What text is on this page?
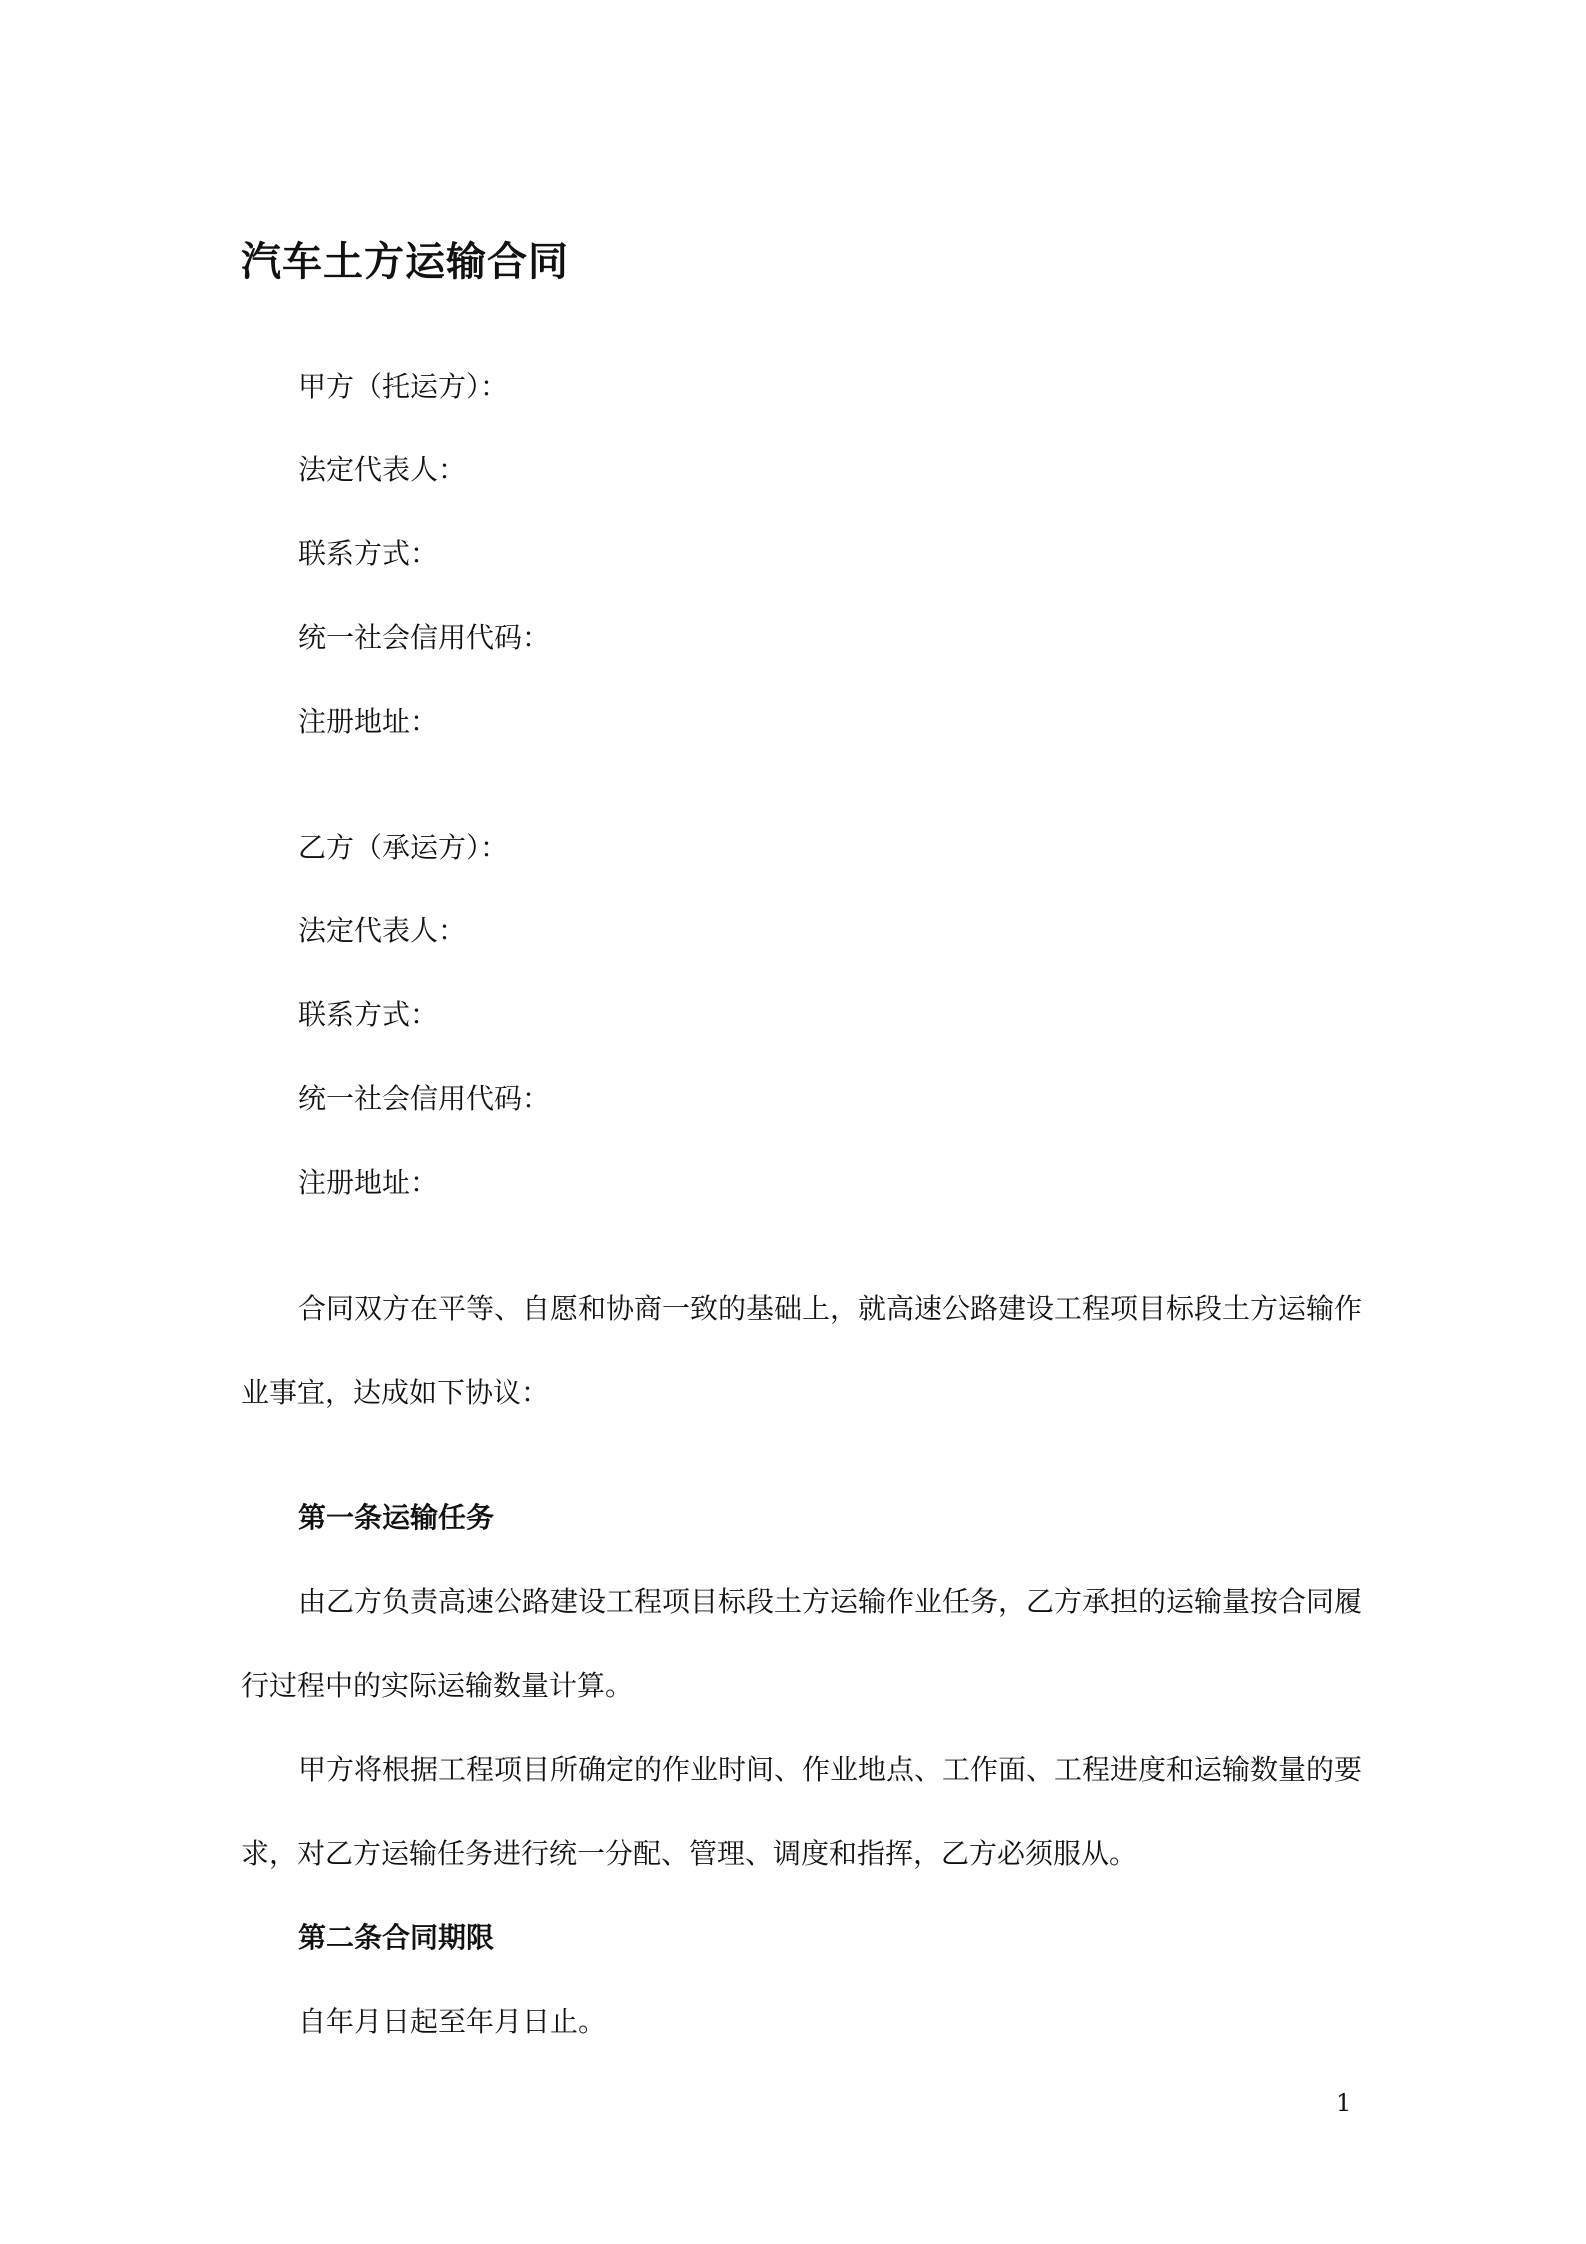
汽车土方运输合同
甲方（托运方）：
法定代表人：
联系方式：
统一社会信用代码：
注册地址：
乙方（承运方）：
法定代表人：
联系方式：
统一社会信用代码：
注册地址：
合同双方在平等、自愿和协商一致的基础上，就高速公路建设工程项目标段土方运输作
业事宜，达成如下协议：
第一条运输任务
由乙方负责高速公路建设工程项目标段土方运输作业任务，乙方承担的运输量按合同履
行过程中的实际运输数量计算。
甲方将根据工程项目所确定的作业时间、作业地点、工作面、工程进度和运输数量的要
求，对乙方运输任务进行统一分配、管理、调度和指挥，乙方必须服从。
第二条合同期限
自年月日起至年月日止。
1
